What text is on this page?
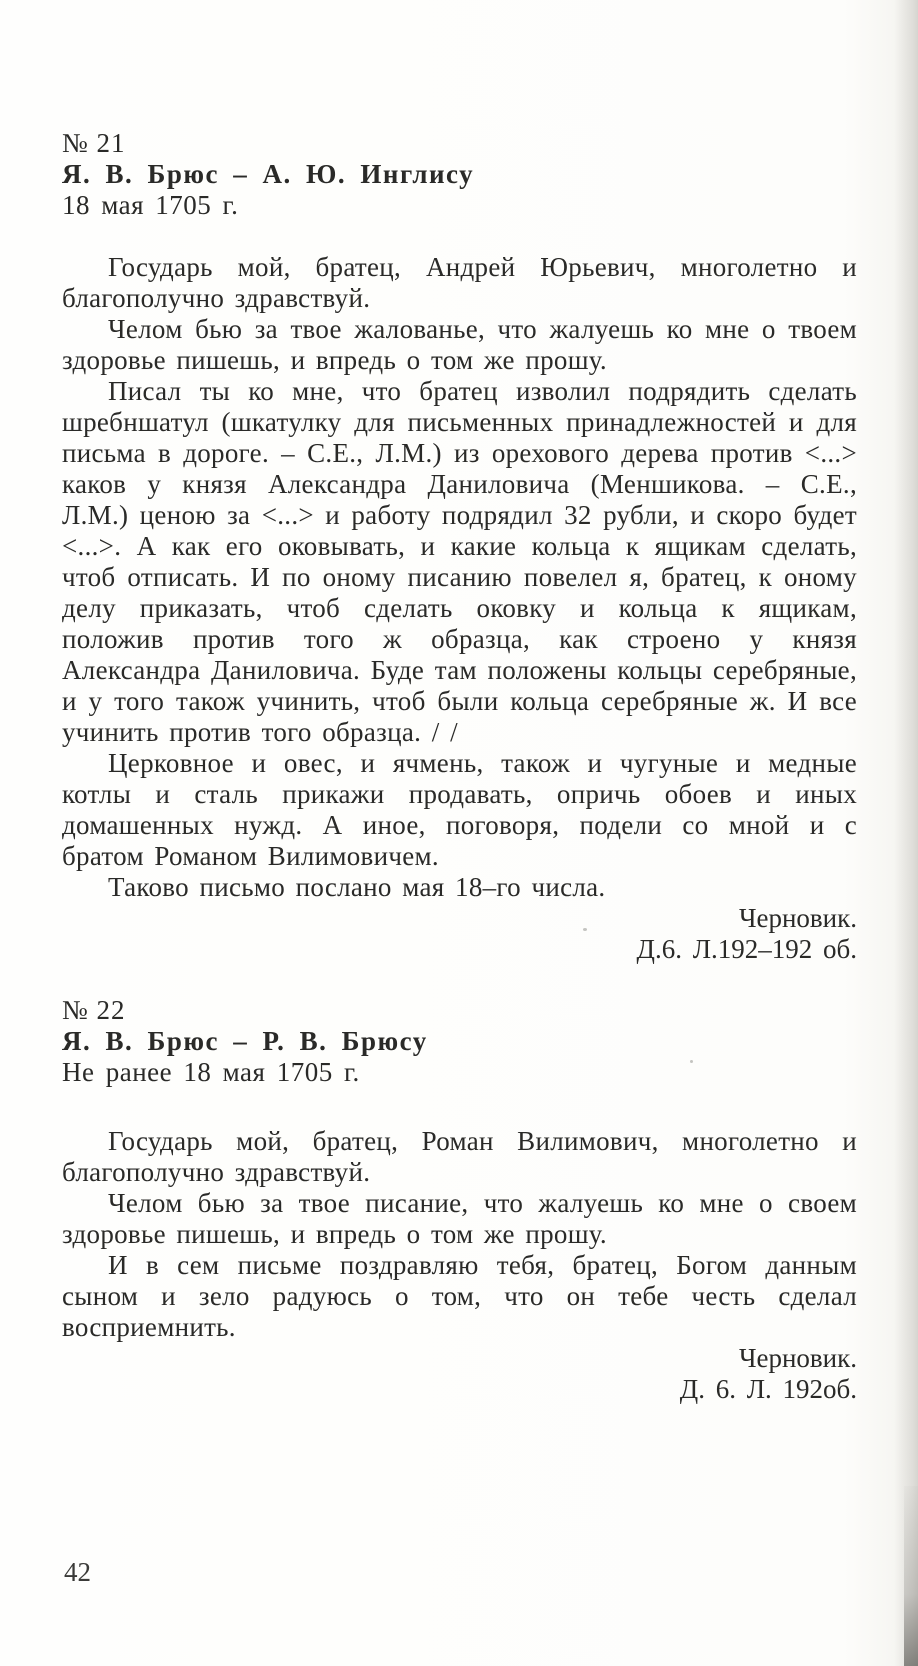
№ 21
Я. В. Брюс – А. Ю. Инглису
18 мая 1705 г.

Государь мой, братец, Андрей Юрьевич, многолетно и благополучно здравствуй.

Челом бью за твое жалованье, что жалуешь ко мне о твоем здоровье пишешь, и впредь о том же прошу.

Писал ты ко мне, что братец изволил подрядить сделать шребншатул (шкатулку для письменных принадлежностей и для письма в дороге. – С.Е., Л.М.) из орехового дерева против <...> каков у князя Александра Даниловича (Меншикова. – С.Е., Л.М.) ценою за <...> и работу подрядил 32 рубли, и скоро будет <...>. А как его оковывать, и какие кольца к ящикам сделать, чтоб отписать. И по оному писанию повелел я, братец, к оному делу приказать, чтоб сделать оковку и кольца к ящикам, положив против того ж образца, как строено у князя Александра Даниловича. Буде там положены кольцы серебряные, и у того також учинить, чтоб были кольца серебряные ж. И все учинить против того образца. / /

Церковное и овес, и ячмень, також и чугуные и медные котлы и сталь прикажи продавать, опричь обоев и иных домашенных нужд. А иное, поговоря, подели со мной и с братом Романом Вилимовичем.

Таково письмо послано мая 18–го числа.

Черновик.
Д.6. Л.192–192 об.
№ 22
Я. В. Брюс – Р. В. Брюсу
Не ранее 18 мая 1705 г.

Государь мой, братец, Роман Вилимович, многолетно и благополучно здравствуй.

Челом бью за твое писание, что жалуешь ко мне о своем здоровье пишешь, и впредь о том же прошу.

И в сем письме поздравляю тебя, братец, Богом данным сыном и зело радуюсь о том, что он тебе честь сделал восприемнить.

Черновик.
Д. 6. Л. 192об.
42
